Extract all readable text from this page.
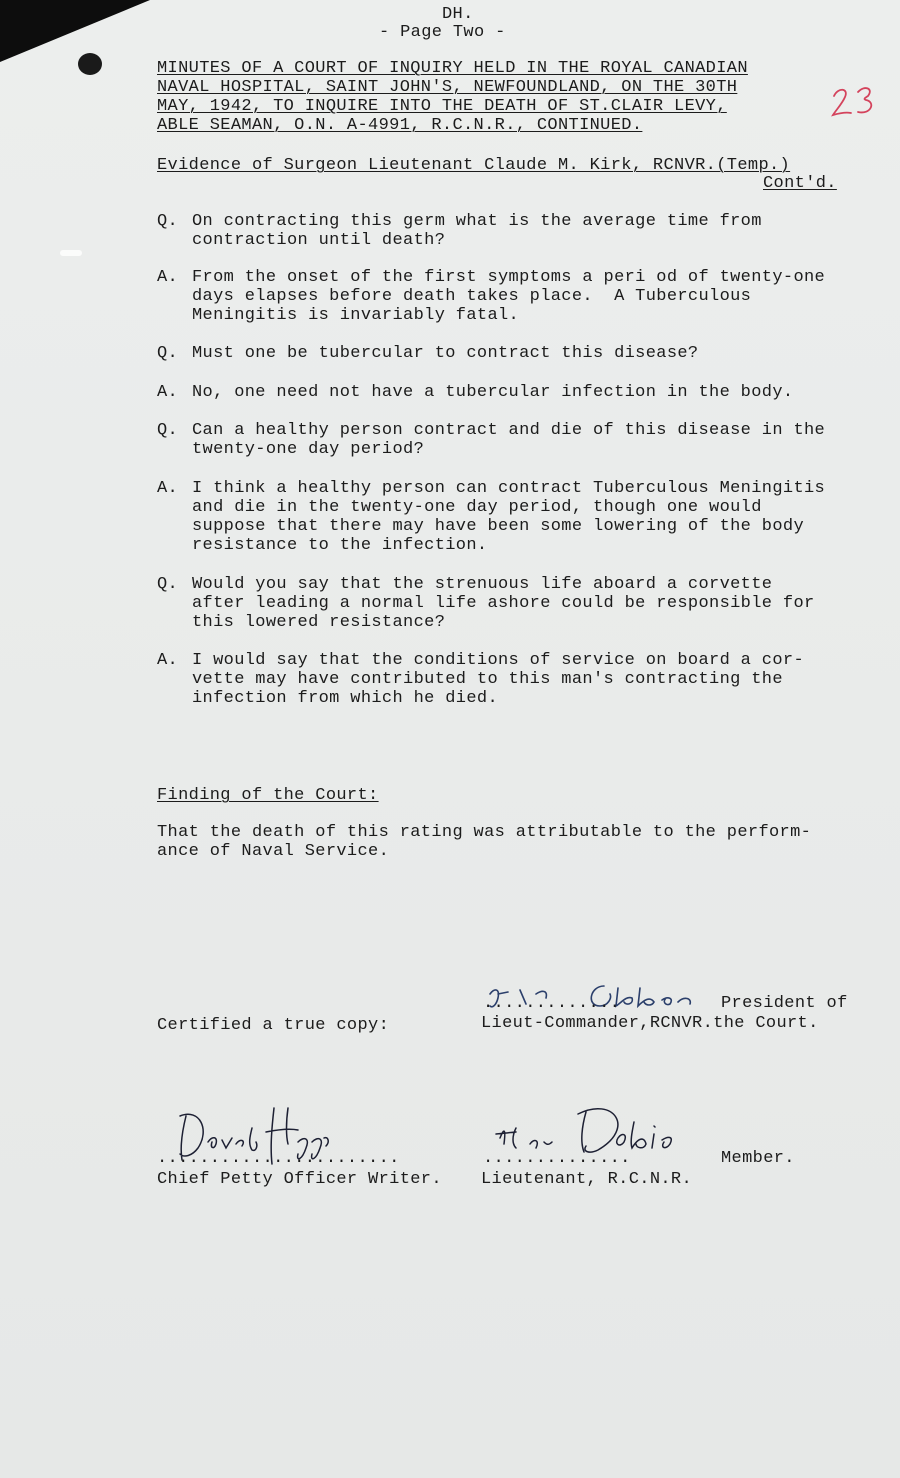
DH.
- Page Two -
MINUTES OF A COURT OF INQUIRY HELD IN THE ROYAL CANADIAN
NAVAL HOSPITAL, SAINT JOHN'S, NEWFOUNDLAND, ON THE 30TH
MAY, 1942, TO INQUIRE INTO THE DEATH OF ST.CLAIR LEVY,
ABLE SEAMAN, O.N. A-4991, R.C.N.R., CONTINUED.
Evidence of Surgeon Lieutenant Claude M. Kirk, RCNVR.(Temp.)
Cont'd.
Q. On contracting this germ what is the average time from
contraction until death?
A. From the onset of the first symptoms a peri od of twenty-one
days elapses before death takes place.  A Tuberculous
Meningitis is invariably fatal.
Q. Must one be tubercular to contract this disease?
A. No, one need not have a tubercular infection in the body.
Q. Can a healthy person contract and die of this disease in the
twenty-one day period?
A. I think a healthy person can contract Tuberculous Meningitis
and die in the twenty-one day period, though one would
suppose that there may have been some lowering of the body
resistance to the infection.
Q. Would you say that the strenuous life aboard a corvette
after leading a normal life ashore could be responsible for
this lowered resistance?
A. I would say that the conditions of service on board a cor-
vette may have contributed to this man's contracting the
infection from which he died.
Finding of the Court:
That the death of this rating was attributable to the perform-
ance of Naval Service.
.............	President of
Certified a true copy:	Lieut-Commander,RCNVR.the Court.
.......................
Chief Petty Officer Writer.
..............	Member.
Lieutenant, R.C.N.R.
